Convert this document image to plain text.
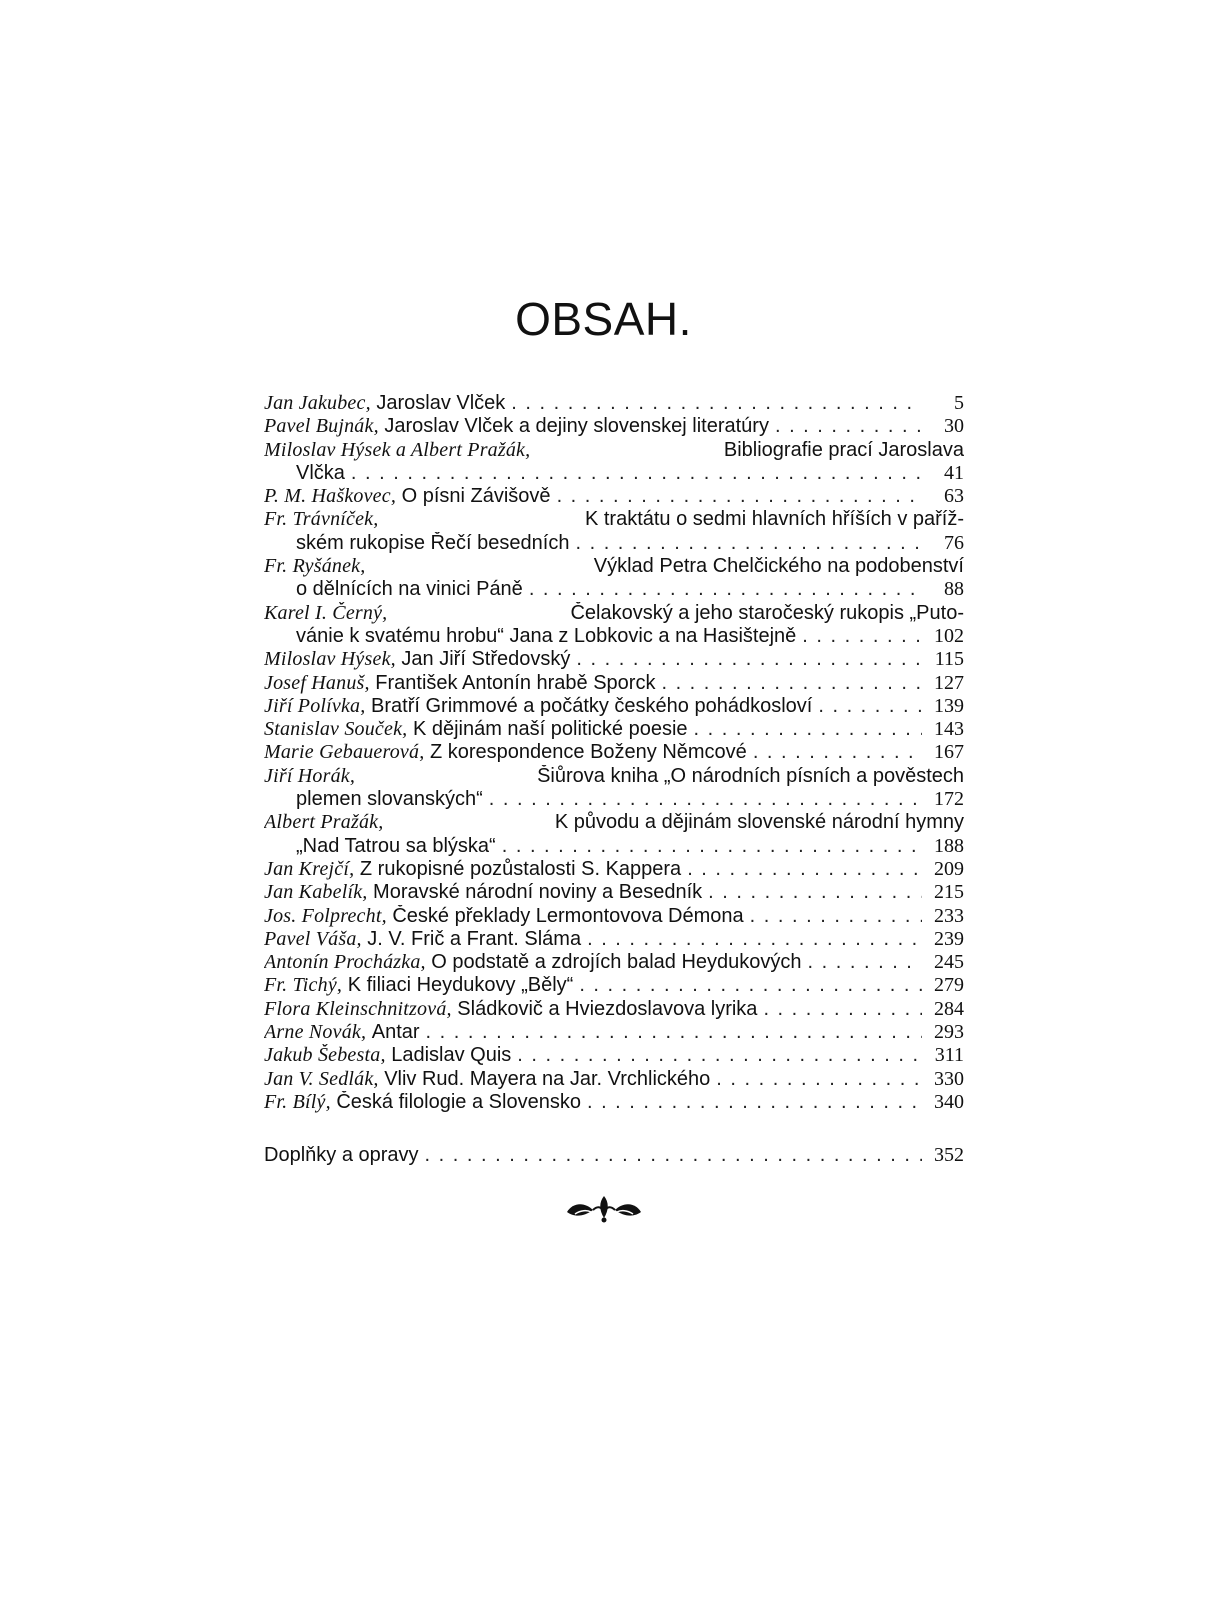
OBSAH.
Jan Jakubec,
Jaroslav Vlček . . .	5
Pavel Bujnák,
Jaroslav Vlček a dejiny slovenskej literatúry . . .	30
Miloslav Hýsek a Albert Pražák,
	Bibliografie prací Jaroslava
Vlčka . . .	41
P. M. Haškovec,
O písni Závišově . . .	63
Fr. Trávníček,
	K traktátu o sedmi hlavních hříších v paříž-
ském rukopise Řečí besedních . . .	76
Fr. Ryšánek,
	Výklad Petra Chelčického na podobenství
o dělnících na vinici Páně . . .	88
Karel I. Černý,
	Čelakovský a jeho staročeský rukopis „Puto-
vánie k svatému hrobu“ Jana z Lobkovic a na Hasištejně . . .	102
Miloslav Hýsek,
Jan Jiří Středovský . . .	115
Josef Hanuš,
František Antonín hrabě Sporck . . .	127
Jiří Polívka,
Bratří Grimmové a počátky českého pohádkosloví . . .	139
Stanislav Souček,
K dějinám naší politické poesie . . .	143
Marie Gebauerová,
Z korespondence Boženy Němcové . . .	167
Jiří Horák,
	Šiůrova kniha „O národních písních a pověstech
plemen slovanských“ . . .	172
Albert Pražák,
	K původu a dějinám slovenské národní hymny
„Nad Tatrou sa blýska“ . . .	188
Jan Krejčí,
Z rukopisné pozůstalosti S. Kappera . . .	209
Jan Kabelík,
Moravské národní noviny a Besedník . . .	215
Jos. Folprecht,
České překlady Lermontovova Démona . . .	233
Pavel Váša,
J. V. Frič a Frant. Sláma . . .	239
Antonín Procházka,
O podstatě a zdrojích balad Heydukových . . .	245
Fr. Tichý,
K filiaci Heydukovy „Běly“ . . .	279
Flora Kleinschnitzová,
Sládkovič a Hviezdoslavova lyrika . . .	284
Arne Novák,
Antar . . .	293
Jakub Šebesta,
Ladislav Quis . . .	311
Jan V. Sedlák,
Vliv Rud. Mayera na Jar. Vrchlického . . .	330
Fr. Bílý,
Česká filologie a Slovensko . . .	340
Doplňky a opravy . . .	352
